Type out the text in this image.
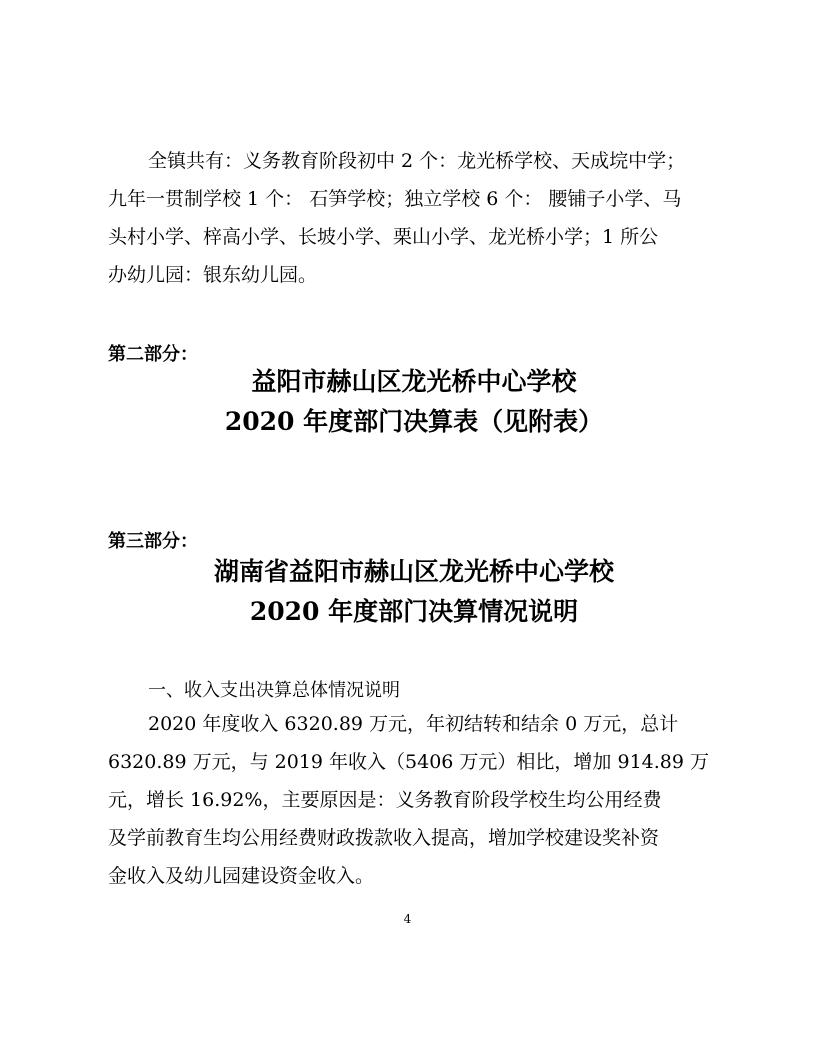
全镇共有：义务教育阶段初中 2 个：龙光桥学校、天成垸中学；
九年一贯制学校 1 个： 石笋学校；独立学校 6 个： 腰铺子小学、马
头村小学、梓高小学、长坡小学、栗山小学、龙光桥小学；1 所公
办幼儿园：银东幼儿园。
第二部分：
益阳市赫山区龙光桥中心学校
2020 年度部门决算表（见附表）
第三部分：
湖南省益阳市赫山区龙光桥中心学校
2020 年度部门决算情况说明
一、收入支出决算总体情况说明
2020 年度收入 6320.89 万元，年初结转和结余 0 万元，总计
6320.89 万元，与 2019 年收入（5406 万元）相比，增加 914.89 万
元，增长 16.92%，主要原因是：义务教育阶段学校生均公用经费
及学前教育生均公用经费财政拨款收入提高，增加学校建设奖补资
金收入及幼儿园建设资金收入。
4
